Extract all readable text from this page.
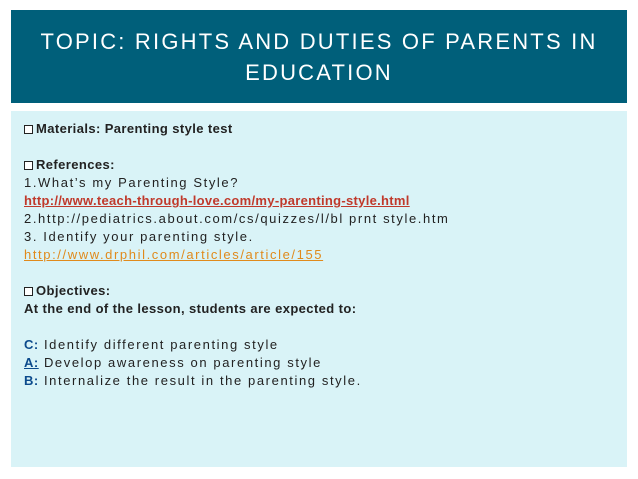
TOPIC: RIGHTS AND DUTIES OF PARENTS IN EDUCATION
Materials: Parenting style test
References:
1.What’s my Parenting Style?
http://www.teach-through-love.com/my-parenting-style.html
2.http://pediatrics.about.com/cs/quizzes/l/bl prnt style.htm
3. Identify your parenting style.
http://www.drphil.com/articles/article/155
Objectives:
At the end of the lesson, students are expected to:
C: Identify different parenting style
A: Develop awareness on parenting style
B: Internalize the result in the parenting style.
